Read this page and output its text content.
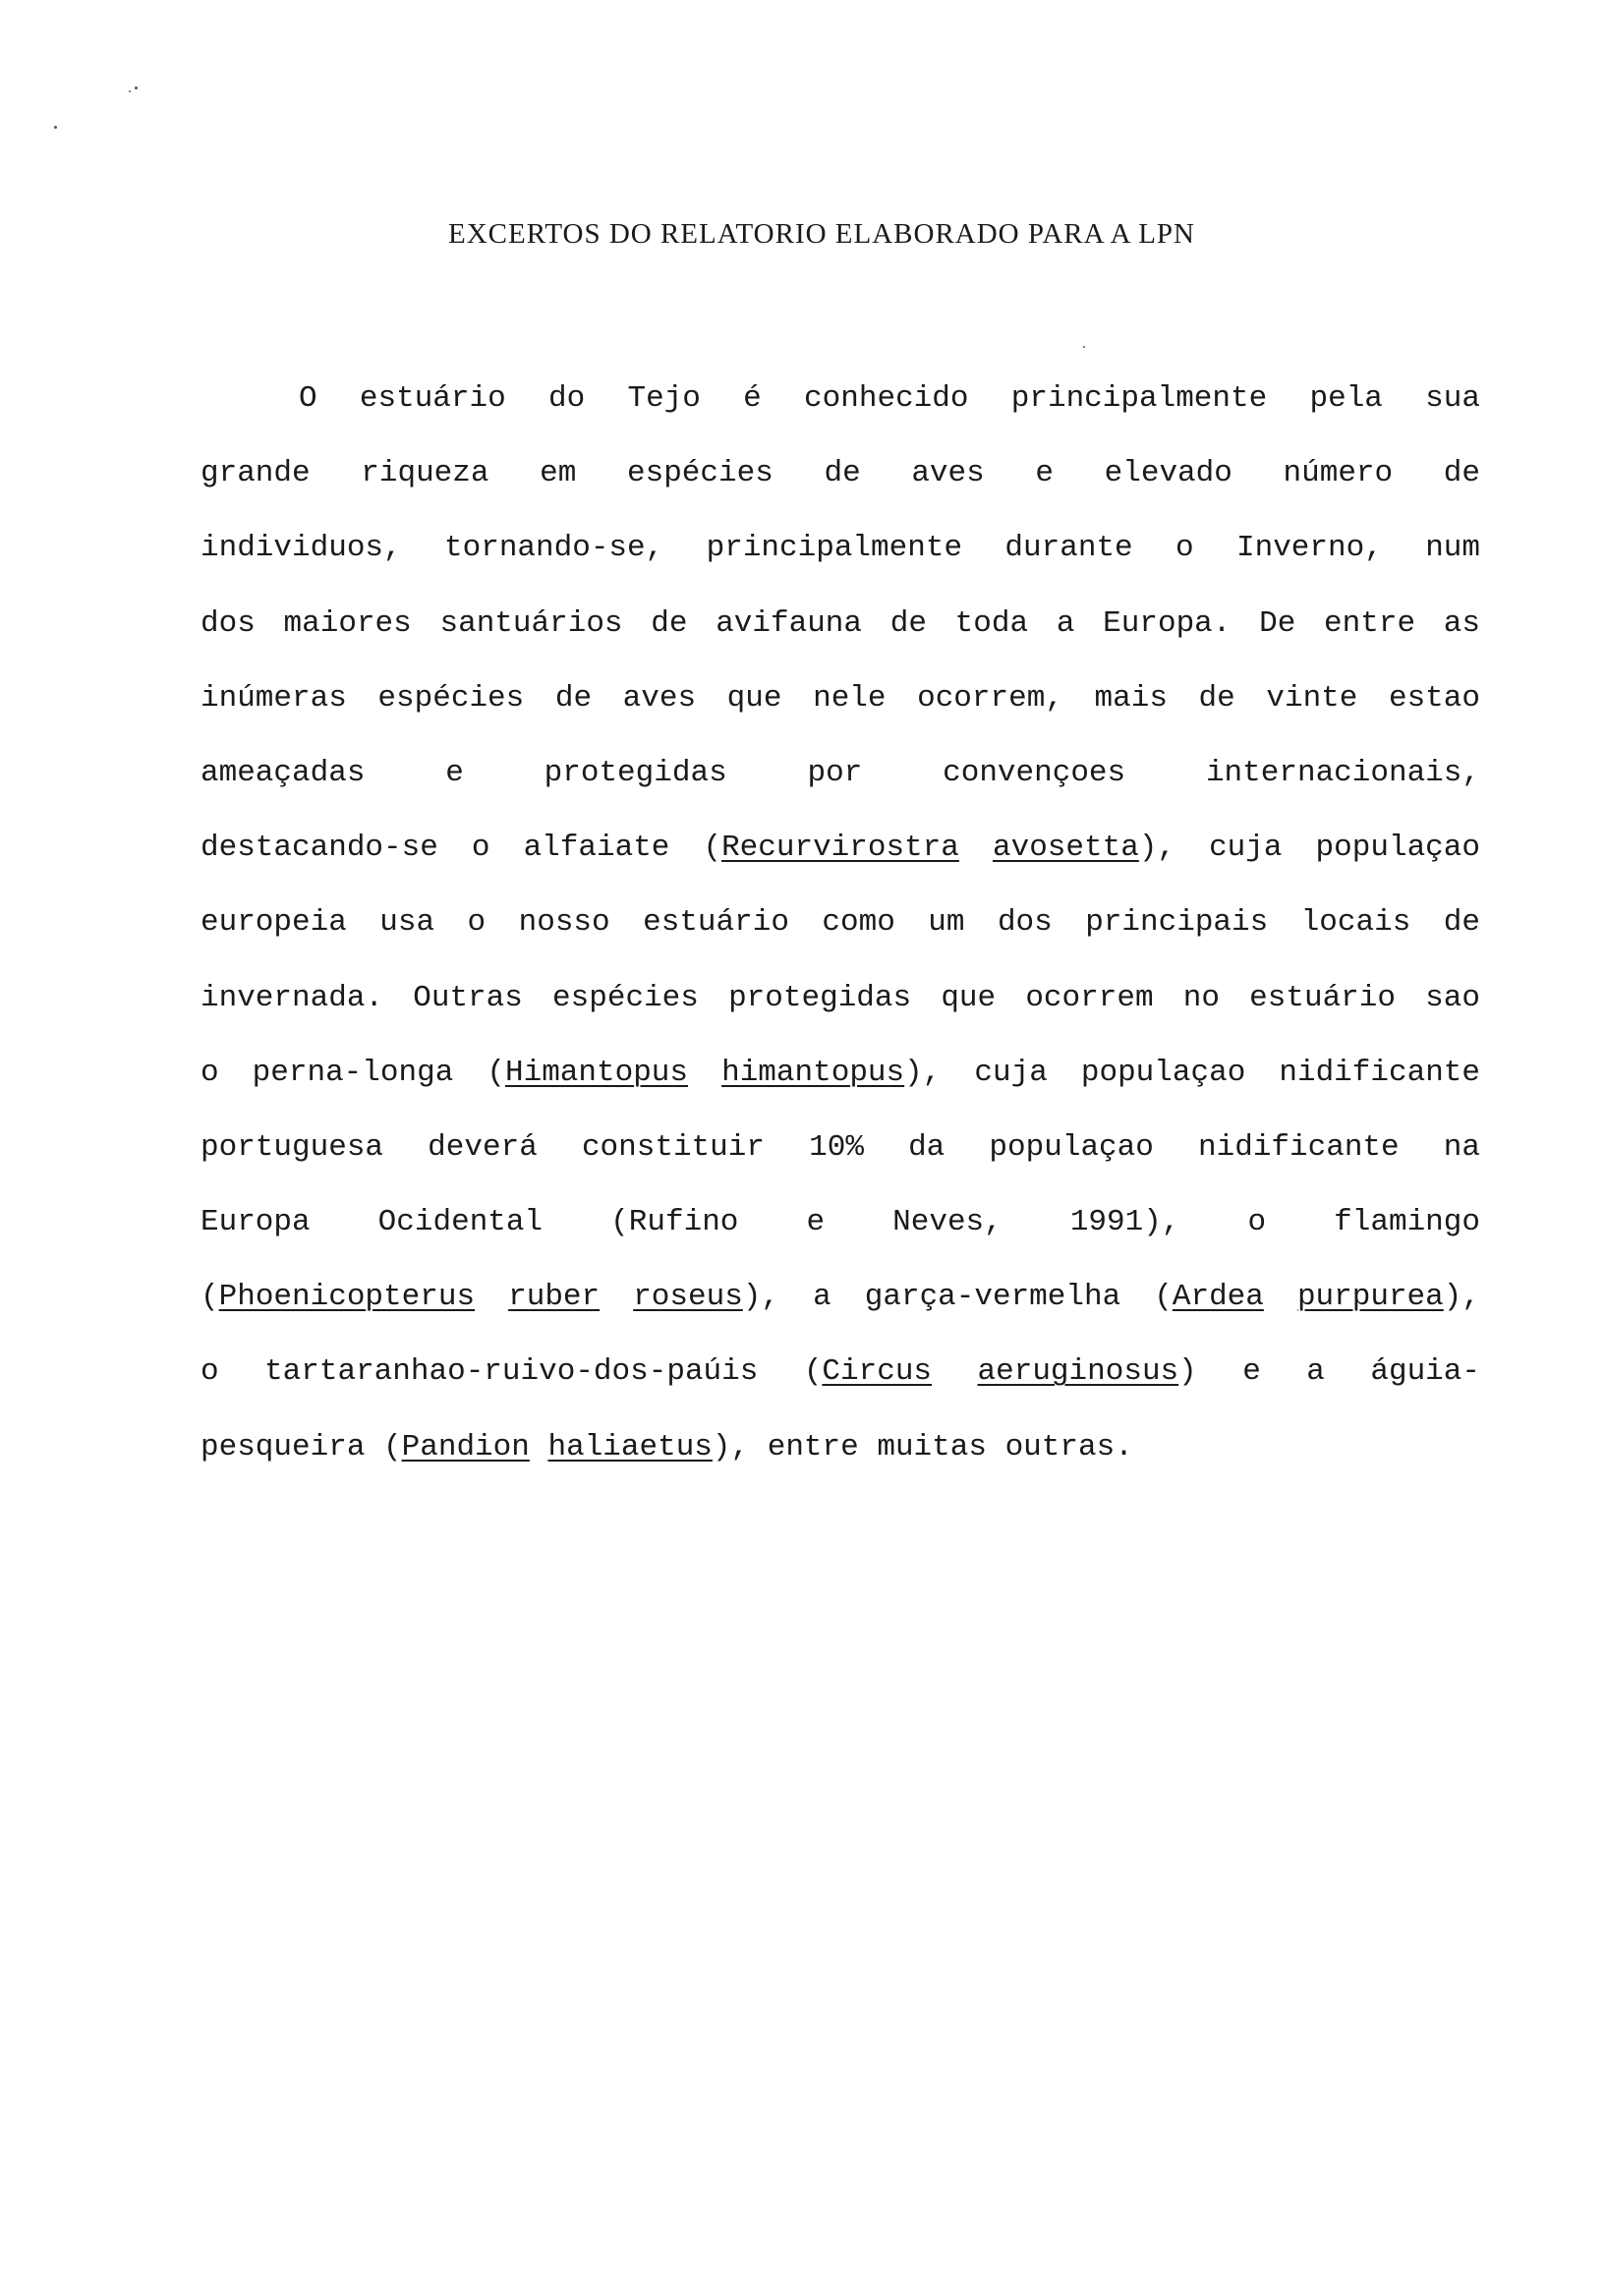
EXCERTOS DO RELATORIO ELABORADO PARA A LPN
O estuário do Tejo é conhecido principalmente pela sua
grande riqueza em espécies de aves e elevado número de
individuos, tornando-se, principalmente durante o Inverno, num
dos maiores santuários de avifauna de toda a Europa. De entre as
inúmeras espécies de aves que nele ocorrem, mais de vinte estao
ameaçadas e protegidas por convençoes internacionais,
destacando-se o alfaiate (Recurvirostra avosetta), cuja populaçao
europeia usa o nosso estuário como um dos principais locais de
invernada. Outras espécies protegidas que ocorrem no estuário sao
o perna-longa (Himantopus himantopus), cuja populaçao nidificante
portuguesa deverá constituir 10% da populaçao nidificante na
Europa Ocidental (Rufino e Neves, 1991), o flamingo
(Phoenicopterus ruber roseus), a garça-vermelha (Ardea purpurea),
o tartaranhao-ruivo-dos-paúis (Circus aeruginosus) e a águia-
pesqueira (Pandion haliaetus), entre muitas outras.
